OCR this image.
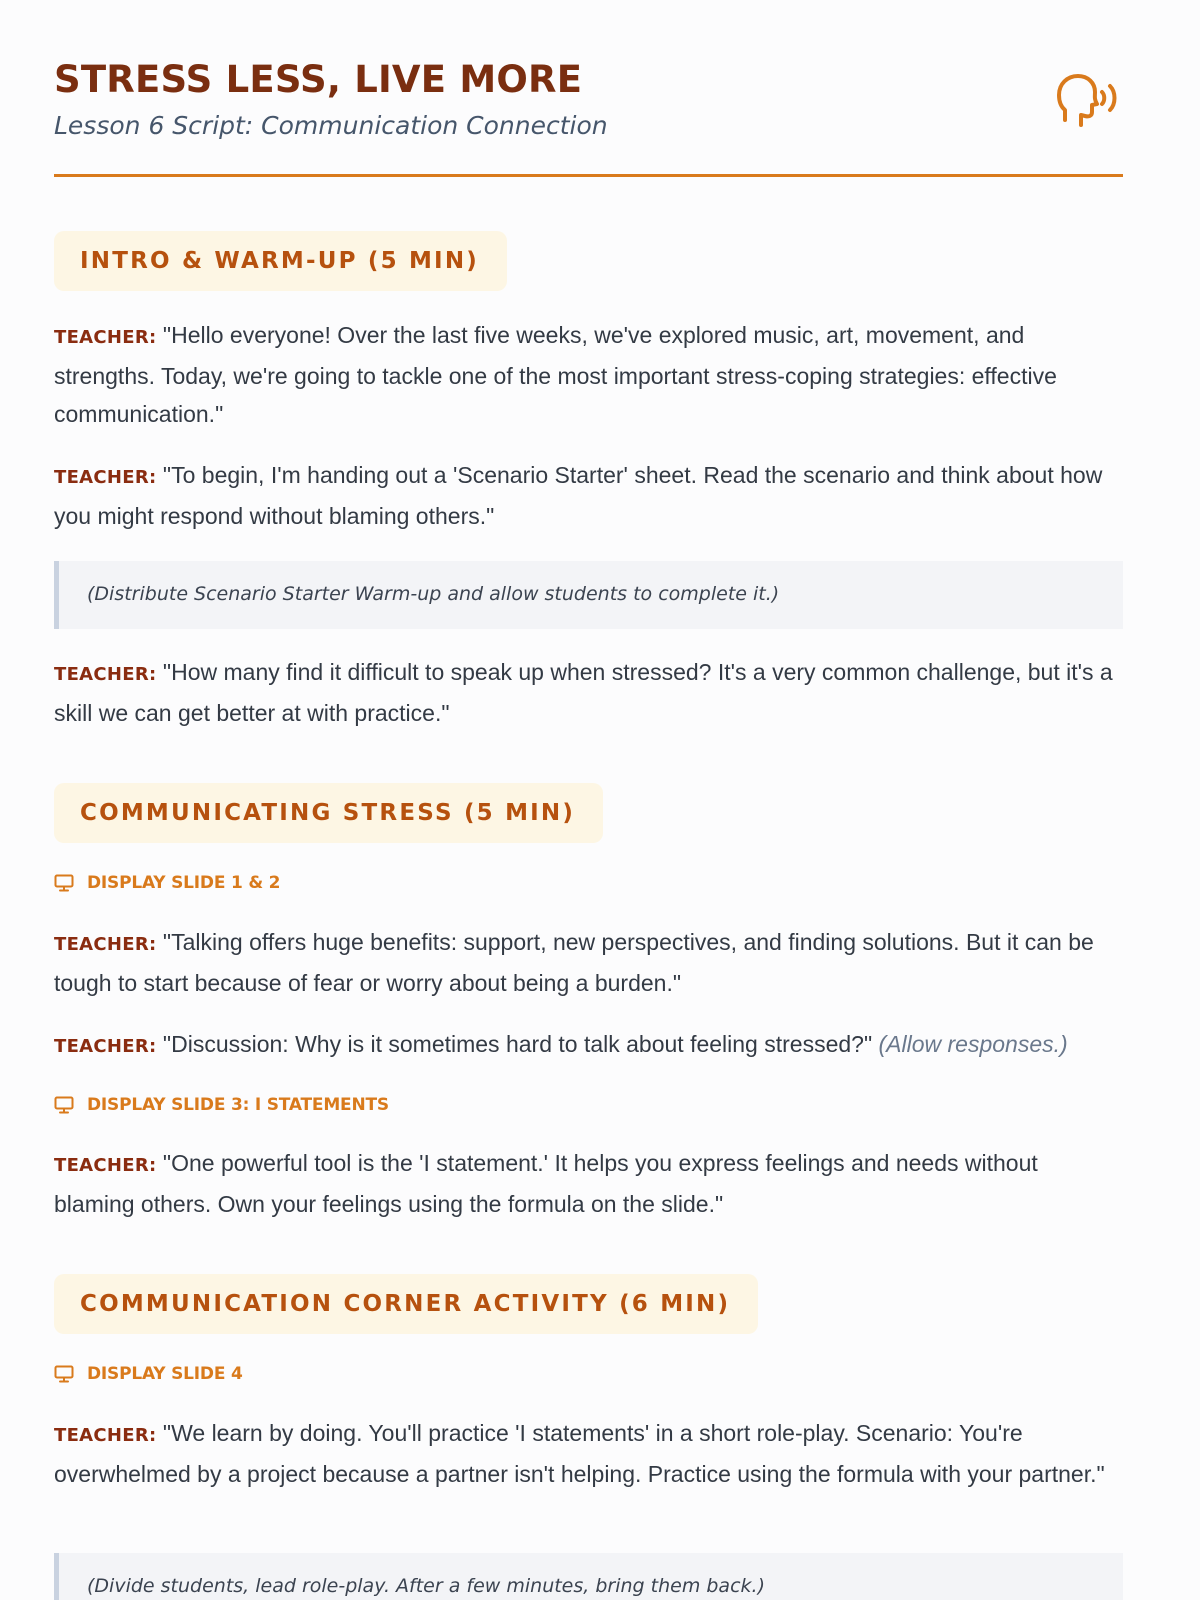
STRESS LESS, LIVE MORE
Lesson 6 Script: Communication Connection
INTRO & WARM-UP (5 MIN)
TEACHER: "Hello everyone! Over the last five weeks, we've explored music, art, movement, and strengths. Today, we're going to tackle one of the most important stress-coping strategies: effective communication."
TEACHER: "To begin, I'm handing out a 'Scenario Starter' sheet. Read the scenario and think about how you might respond without blaming others."
(Distribute Scenario Starter Warm-up and allow students to complete it.)
TEACHER: "How many find it difficult to speak up when stressed? It's a very common challenge, but it's a skill we can get better at with practice."
COMMUNICATING STRESS (5 MIN)
DISPLAY SLIDE 1 & 2
TEACHER: "Talking offers huge benefits: support, new perspectives, and finding solutions. But it can be tough to start because of fear or worry about being a burden."
TEACHER: "Discussion: Why is it sometimes hard to talk about feeling stressed?" (Allow responses.)
DISPLAY SLIDE 3: I STATEMENTS
TEACHER: "One powerful tool is the 'I statement.' It helps you express feelings and needs without blaming others. Own your feelings using the formula on the slide."
COMMUNICATION CORNER ACTIVITY (6 MIN)
DISPLAY SLIDE 4
TEACHER: "We learn by doing. You'll practice 'I statements' in a short role-play. Scenario: You're overwhelmed by a project because a partner isn't helping. Practice using the formula with your partner."
(Divide students, lead role-play. After a few minutes, bring them back.)
